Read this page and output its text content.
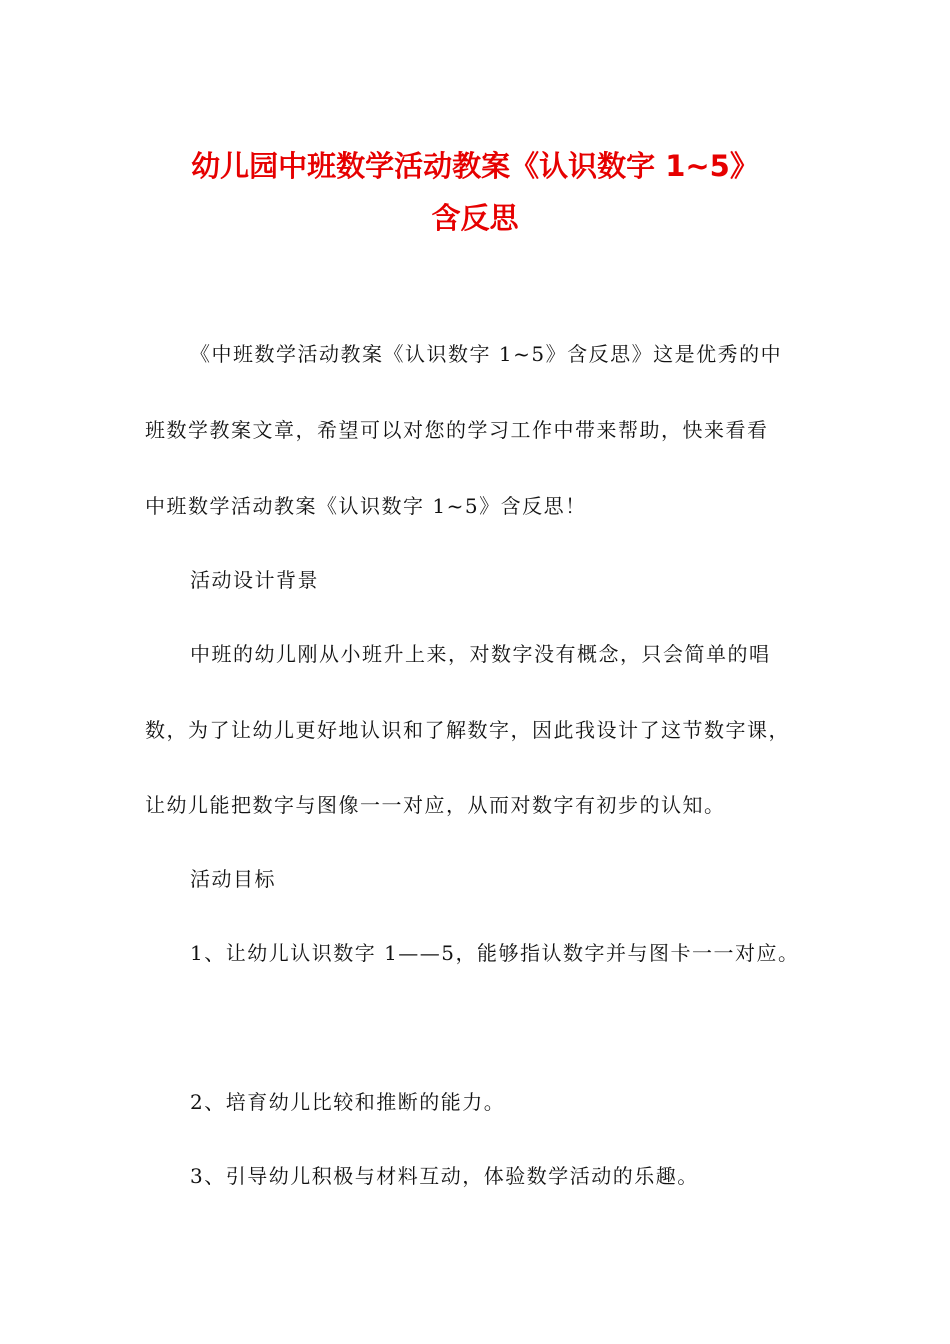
幼儿园中班数学活动教案《认识数字 1~5》
含反思
《中班数学活动教案《认识数字 1~5》含反思》这是优秀的中
班数学教案文章，希望可以对您的学习工作中带来帮助，快来看看
中班数学活动教案《认识数字 1~5》含反思！
活动设计背景
中班的幼儿刚从小班升上来，对数字没有概念，只会简单的唱
数，为了让幼儿更好地认识和了解数字，因此我设计了这节数字课，
让幼儿能把数字与图像一一对应，从而对数字有初步的认知。
活动目标
1、让幼儿认识数字 1——5，能够指认数字并与图卡一一对应。
2、培育幼儿比较和推断的能力。
3、引导幼儿积极与材料互动，体验数学活动的乐趣。
